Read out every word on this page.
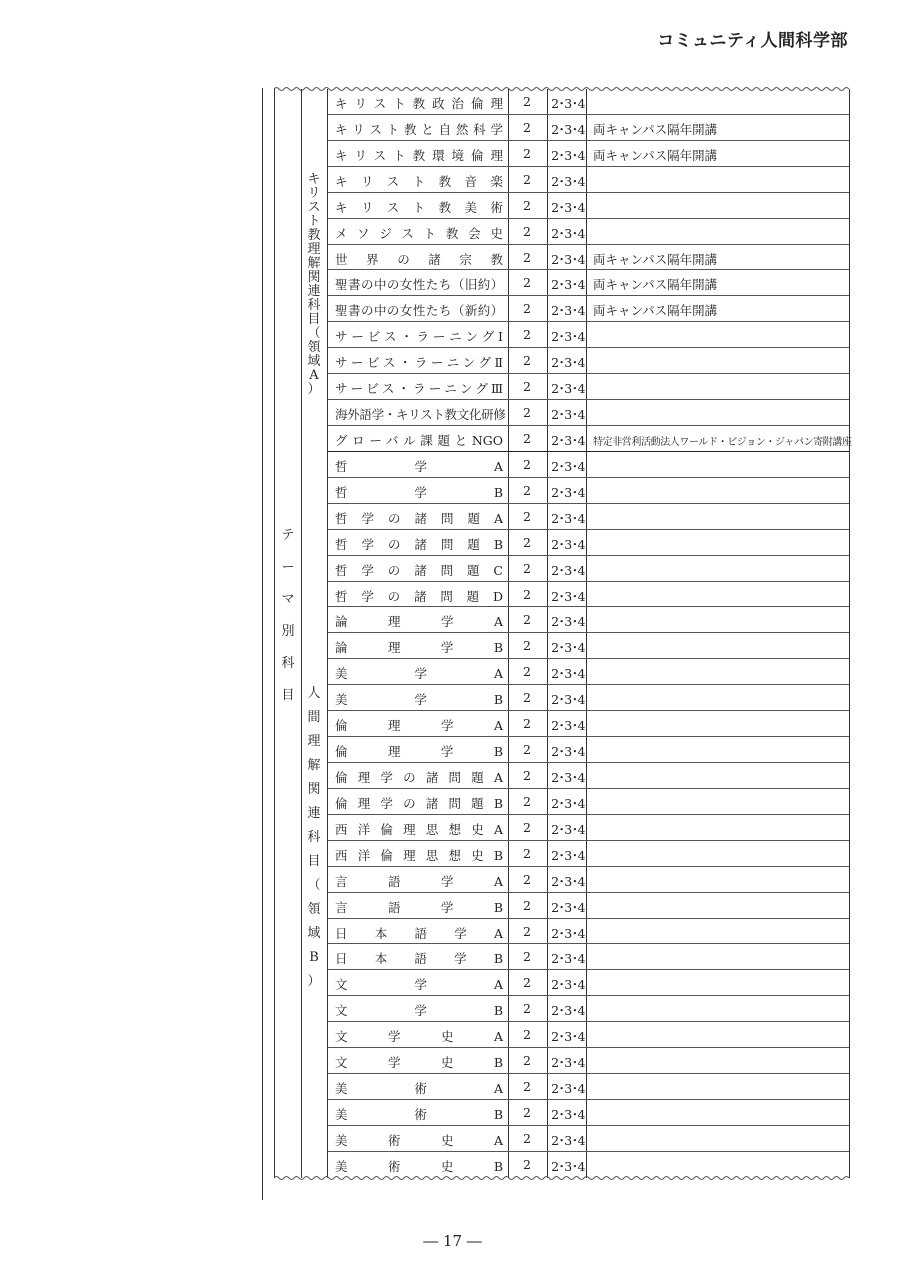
コミュニティ人間科学部
テ
ー
マ
別
科
目
キ
リ
ス
ト
教
理
解
関
連
科
目
（
領
域
A
）
人
間
理
解
関
連
科
目
（
領
域
B
）
キリスト教政治倫理	2	2･3･4
キリスト教と自然科学	2	2･3･4 両キャンパス隔年開講
キリスト教環境倫理	2	2･3･4 両キャンパス隔年開講
キリスト教音楽	2	2･3･4
キリスト教美術	2	2･3･4
メソジスト教会史	2	2･3･4
世界の諸宗教	2	2･3･4 両キャンパス隔年開講
聖書の中の女性たち（旧約）	2	2･3･4 両キャンパス隔年開講
聖書の中の女性たち（新約）	2	2･3･4 両キャンパス隔年開講
サービス・ラーニングⅠ	2	2･3･4
サービス・ラーニングⅡ	2	2･3･4
サービス・ラーニングⅢ	2	2･3･4
海外語学・キリスト教文化研修	2	2･3･4
グローバル課題とNGO	2	2･3･4 特定非営利活動法人ワールド・ビジョン・ジャパン寄附講座
哲学A	2	2･3･4
哲学B	2	2･3･4
哲学の諸問題A	2	2･3･4
哲学の諸問題B	2	2･3･4
哲学の諸問題C	2	2･3･4
哲学の諸問題D	2	2･3･4
論理学A	2	2･3･4
論理学B	2	2･3･4
美学A	2	2･3･4
美学B	2	2･3･4
倫理学A	2	2･3･4
倫理学B	2	2･3･4
倫理学の諸問題A	2	2･3･4
倫理学の諸問題B	2	2･3･4
西洋倫理思想史A	2	2･3･4
西洋倫理思想史B	2	2･3･4
言語学A	2	2･3･4
言語学B	2	2･3･4
日本語学A	2	2･3･4
日本語学B	2	2･3･4
文学A	2	2･3･4
文学B	2	2･3･4
文学史A	2	2･3･4
文学史B	2	2･3･4
美術A	2	2･3･4
美術B	2	2･3･4
美術史A	2	2･3･4
美術史B	2	2･3･4
― 17 ―
